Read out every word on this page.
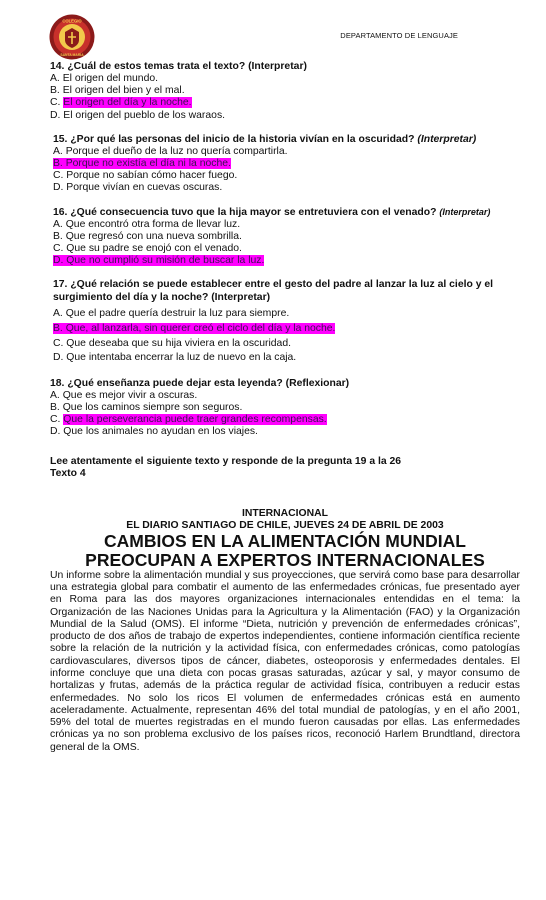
COLEGIO
SANTA MARÍA
DEPARTAMENTO DE LENGUAJE
14. ¿Cuál de estos temas trata el texto? (Interpretar)
A. El origen del mundo.
B. El origen del bien y el mal.
C. El origen del día y la noche.
D. El origen del pueblo de los waraos.
15. ¿Por qué las personas del inicio de la historia vivían en la oscuridad? (Interpretar)
A. Porque el dueño de la luz no quería compartirla.
B. Porque no existía el día ni la noche.
C. Porque no sabían cómo hacer fuego.
D. Porque vivían en cuevas oscuras.
16. ¿Qué consecuencia tuvo que la hija mayor se entretuviera con el venado? (Interpretar)
A. Que encontró otra forma de llevar luz.
B. Que regresó con una nueva sombrilla.
C. Que su padre se enojó con el venado.
D. Que no cumplió su misión de buscar la luz.
17. ¿Qué relación se puede establecer entre el gesto del padre al lanzar la luz al cielo y el
surgimiento del día y la noche? (Interpretar)
A. Que el padre quería destruir la luz para siempre.
B. Que, al lanzarla, sin querer creó el ciclo del día y la noche.
C. Que deseaba que su hija viviera en la oscuridad.
D. Que intentaba encerrar la luz de nuevo en la caja.
18. ¿Qué enseñanza puede dejar esta leyenda? (Reflexionar)
A. Que es mejor vivir a oscuras.
B. Que los caminos siempre son seguros.
C. Que la perseverancia puede traer grandes recompensas.
D. Que los animales no ayudan en los viajes.
Lee atentamente el siguiente texto y responde de la pregunta 19 a la 26
Texto 4
INTERNACIONAL
EL DIARIO SANTIAGO DE CHILE, JUEVES 24 DE ABRIL DE 2003
CAMBIOS EN LA ALIMENTACIÓN MUNDIAL
PREOCUPAN A EXPERTOS INTERNACIONALES
Un informe sobre la alimentación mundial y sus proyecciones, que servirá como base para desarrollar una estrategia global para combatir el aumento de las enfermedades crónicas, fue presentado ayer en Roma para las dos mayores organizaciones internacionales entendidas en el tema: la Organización de las Naciones Unidas para la Agricultura y la Alimentación (FAO) y la Organización Mundial de la Salud (OMS). El informe “Dieta, nutrición y prevención de enfermedades crónicas”, producto de dos años de trabajo de expertos independientes, contiene información científica reciente sobre la relación de la nutrición y la actividad física, con enfermedades crónicas, como patologías cardiovasculares, diversos tipos de cáncer, diabetes, osteoporosis y enfermedades dentales. El informe concluye que una dieta con pocas grasas saturadas, azúcar y sal, y mayor consumo de hortalizas y frutas, además de la práctica regular de actividad física, contribuyen a reducir estas enfermedades. No solo los ricos El volumen de enfermedades crónicas está en aumento aceleradamente. Actualmente, representan 46% del total mundial de patologías, y en el año 2001, 59% del total de muertes registradas en el mundo fueron causadas por ellas. Las enfermedades crónicas ya no son problema exclusivo de los países ricos, reconoció Harlem Brundtland, directora general de la OMS.
